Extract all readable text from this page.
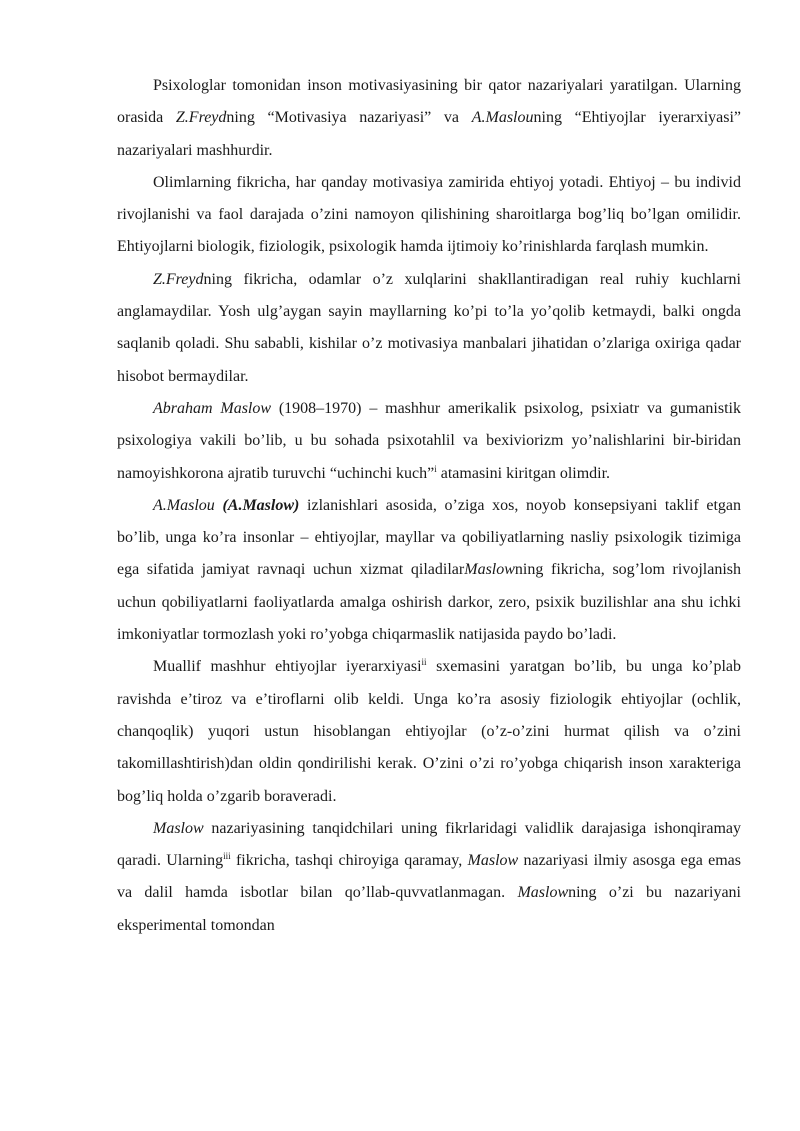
Psixologlar tomonidan inson motivasiyasining bir qator nazariyalari yaratilgan. Ularning orasida Z.Freydning “Motivasiya nazariyasi” va A.Maslouning “Ehtiyojlar iyerarxiyasi” nazariyalari mashhurdir.

Olimlarning fikricha, har qanday motivasiya zamirida ehtiyoj yotadi. Ehtiyoj – bu individ rivojlanishi va faol darajada o’zini namoyon qilishining sharoitlarga bog’liq bo’lgan omilidir. Ehtiyojlarni biologik, fiziologik, psixologik hamda ijtimoiy ko’rinishlarda farqlash mumkin.

Z.Freydning fikricha, odamlar o’z xulqlarini shakllantiradigan real ruhiy kuchlarni anglamaydilar. Yosh ulg’aygan sayin mayllarning ko’pi to’la yo’qolib ketmaydi, balki ongda saqlanib qoladi. Shu sababli, kishilar o’z motivasiya manbalari jihatidan o’zlariga oxiriga qadar hisobot bermaydilar.

Abraham Maslow (1908–1970) – mashhur amerikalik psixolog, psixiatr va gumanistik psixologiya vakili bo’lib, u bu sohada psixotahlil va bexiviorizm yo’nalishlarini bir-biridan namoyishkorona ajratib turuvchi “uchinchi kuch”$^i$ atamasini kiritgan olimdir.

A.Maslou (A.Maslow) izlanishlari asosida, o’ziga xos, noyob konsepsiyani taklif etgan bo’lib, unga ko’ra insonlar – ehtiyojlar, mayllar va qobiliyatlarning nasliy psixologik tizimiga ega sifatida jamiyat ravnaqi uchun xizmat qiladilarMaslowning fikricha, sog’lom rivojlanish uchun qobiliyatlarni faoliyatlarda amalga oshirish darkor, zero, psixik buzilishlar ana shu ichki imkoniyatlar tormozlash yoki ro’yobga chiqarmaslik natijasida paydo bo’ladi.

Muallif mashhur ehtiyojlar iyerarxiyasi$^{ii}$ sxemasini yaratgan bo’lib, bu unga ko’plab ravishda e’tiroz va e’tiroflarni olib keldi. Unga ko’ra asosiy fiziologik ehtiyojlar (ochlik, chanqoqlik) yuqori ustun hisoblangan ehtiyojlar (o’z-o’zini hurmat qilish va o’zini takomillashtirish)dan oldin qondirilishi kerak. O’zini o’zi ro’yobga chiqarish inson xarakteriga bog’liq holda o’zgarib boraveradi.

Maslow nazariyasining tanqidchilari uning fikrlaridagi validlik darajasiga ishonqiramay qaradi. Ularning$^{iii}$ fikricha, tashqi chiroyiga qaramay, Maslow nazariyasi ilmiy asosga ega emas va dalil hamda isbotlar bilan qo’llab-quvvatlanmagan. Maslowning o’zi bu nazariyani eksperimental tomondan
